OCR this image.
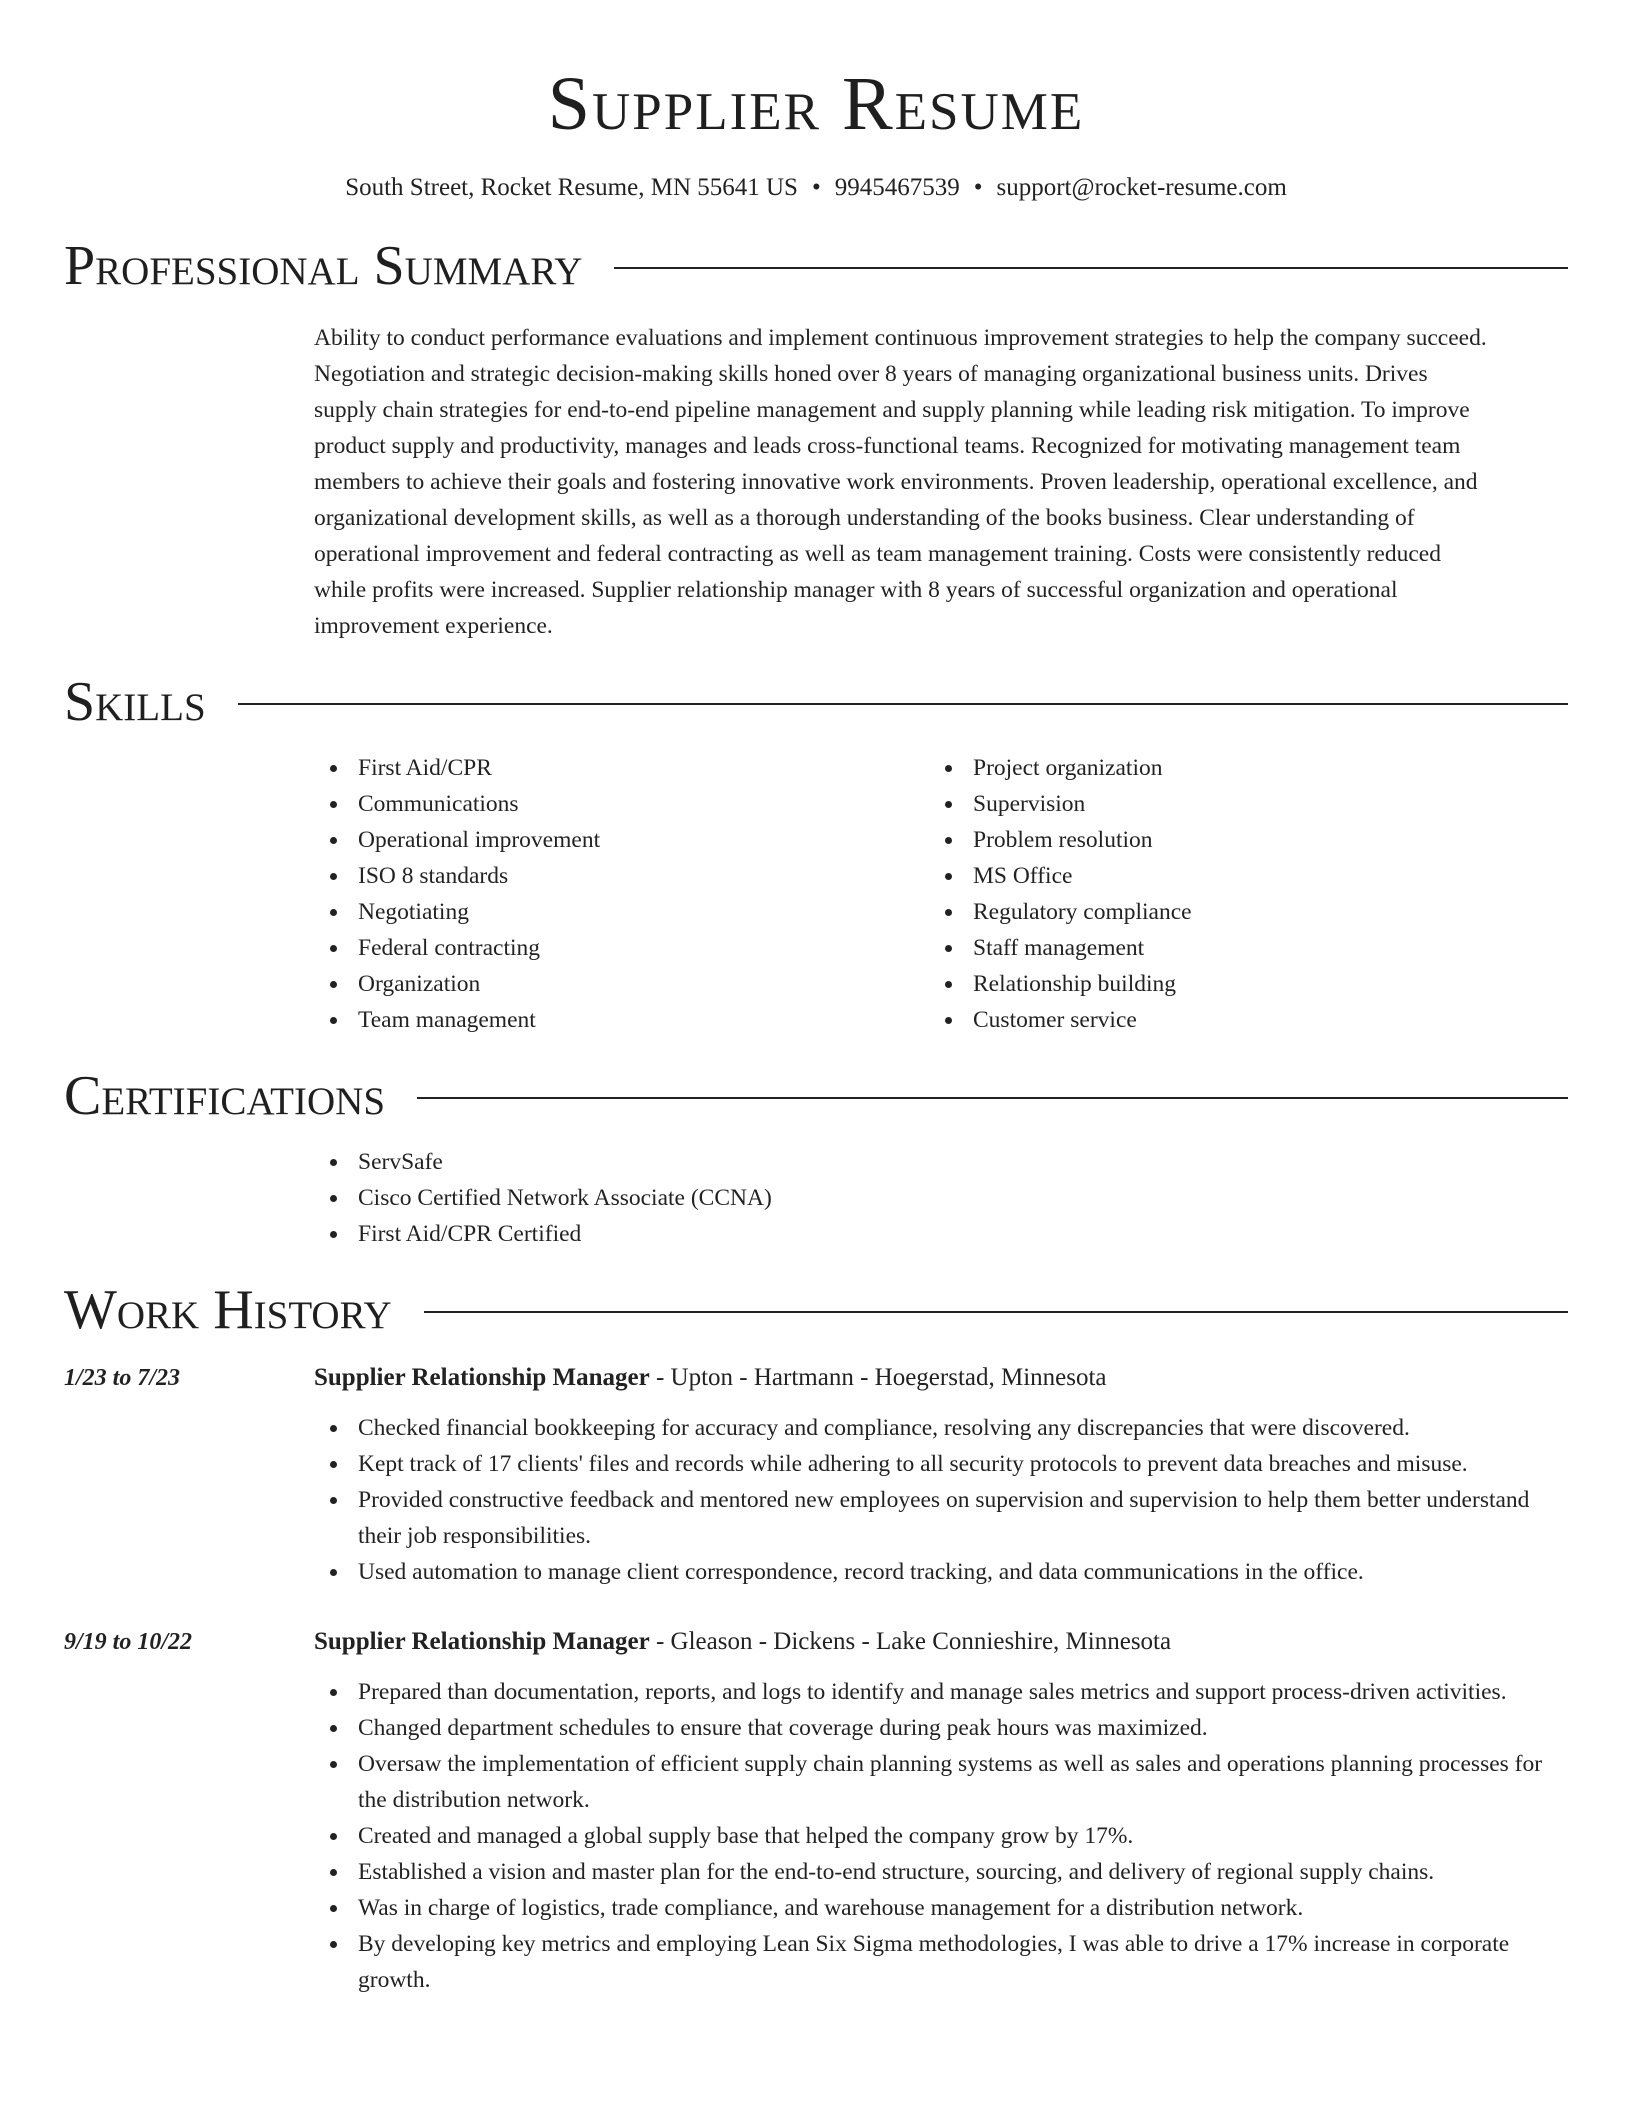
Supplier Resume
South Street, Rocket Resume, MN 55641 US • 9945467539 • support@rocket-resume.com
Professional Summary
Ability to conduct performance evaluations and implement continuous improvement strategies to help the company succeed.
Negotiation and strategic decision-making skills honed over 8 years of managing organizational business units. Drives
supply chain strategies for end-to-end pipeline management and supply planning while leading risk mitigation. To improve
product supply and productivity, manages and leads cross-functional teams. Recognized for motivating management team
members to achieve their goals and fostering innovative work environments. Proven leadership, operational excellence, and
organizational development skills, as well as a thorough understanding of the books business. Clear understanding of
operational improvement and federal contracting as well as team management training. Costs were consistently reduced
while profits were increased. Supplier relationship manager with 8 years of successful organization and operational
improvement experience.
Skills
First Aid/CPR
Communications
Operational improvement
ISO 8 standards
Negotiating
Federal contracting
Organization
Team management
Project organization
Supervision
Problem resolution
MS Office
Regulatory compliance
Staff management
Relationship building
Customer service
Certifications
ServSafe
Cisco Certified Network Associate (CCNA)
First Aid/CPR Certified
Work History
1/23 to 7/23	Supplier Relationship Manager - Upton - Hartmann - Hoegerstad, Minnesota
Checked financial bookkeeping for accuracy and compliance, resolving any discrepancies that were discovered.
Kept track of 17 clients' files and records while adhering to all security protocols to prevent data breaches and misuse.
Provided constructive feedback and mentored new employees on supervision and supervision to help them better understand their job responsibilities.
Used automation to manage client correspondence, record tracking, and data communications in the office.
9/19 to 10/22	Supplier Relationship Manager - Gleason - Dickens - Lake Connieshire, Minnesota
Prepared than documentation, reports, and logs to identify and manage sales metrics and support process-driven activities.
Changed department schedules to ensure that coverage during peak hours was maximized.
Oversaw the implementation of efficient supply chain planning systems as well as sales and operations planning processes for the distribution network.
Created and managed a global supply base that helped the company grow by 17%.
Established a vision and master plan for the end-to-end structure, sourcing, and delivery of regional supply chains.
Was in charge of logistics, trade compliance, and warehouse management for a distribution network.
By developing key metrics and employing Lean Six Sigma methodologies, I was able to drive a 17% increase in corporate growth.
